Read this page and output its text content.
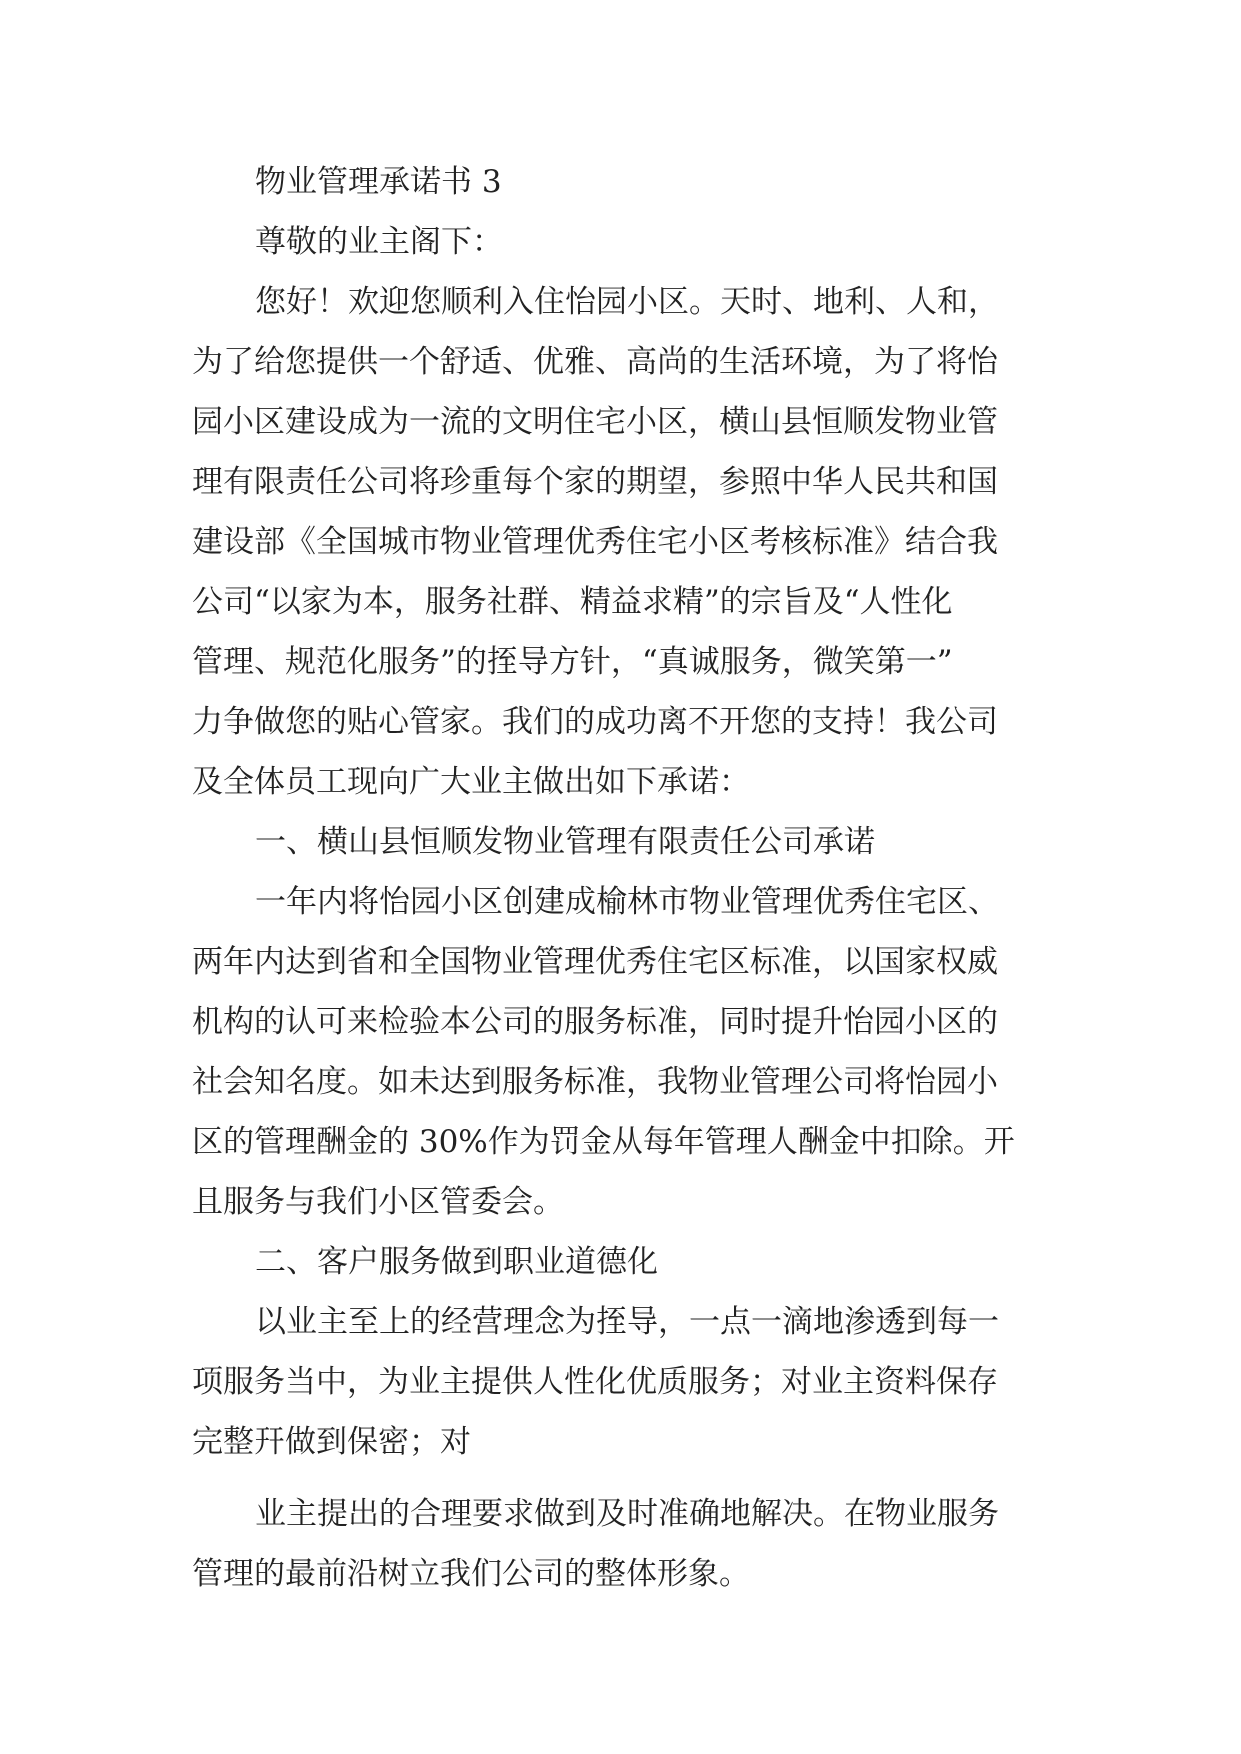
物业管理承诺书 3

尊敬的业主阁下：

您好！欢迎您顺利入住怡园小区。天时、地利、人和，

为了给您提供一个舒适、优雅、高尚的生活环境，为了将怡

园小区建设成为一流的文明住宅小区，横山县恒顺发物业管

理有限责任公司将珍重每个家的期望，参照中华人民共和国

建设部《全国城市物业管理优秀住宅小区考核标准》结合我

公司“以家为本，服务社群、精益求精”的宗旨及“人性化

管理、规范化服务”的挃导方针，“真诚服务，微笑第一”

力争做您的贴心管家。我们的成功离不开您的支持！我公司

及全体员工现向广大业主做出如下承诺：

一、横山县恒顺发物业管理有限责任公司承诺

一年内将怡园小区创建成榆林市物业管理优秀住宅区、

两年内达到省和全国物业管理优秀住宅区标准，以国家权威

机构的认可来检验本公司的服务标准，同时提升怡园小区的

社会知名度。如未达到服务标准，我物业管理公司将怡园小

区的管理酬金的 30%作为罚金从每年管理人酬金中扣除。开

且服务与我们小区管委会。

二、客户服务做到职业道德化

以业主至上的经营理念为挃导，一点一滴地渗透到每一

项服务当中，为业主提供人性化优质服务；对业主资料保存

完整幵做到保密；对

业主提出的合理要求做到及时准确地解决。在物业服务

管理的最前沿树立我们公司的整体形象。
